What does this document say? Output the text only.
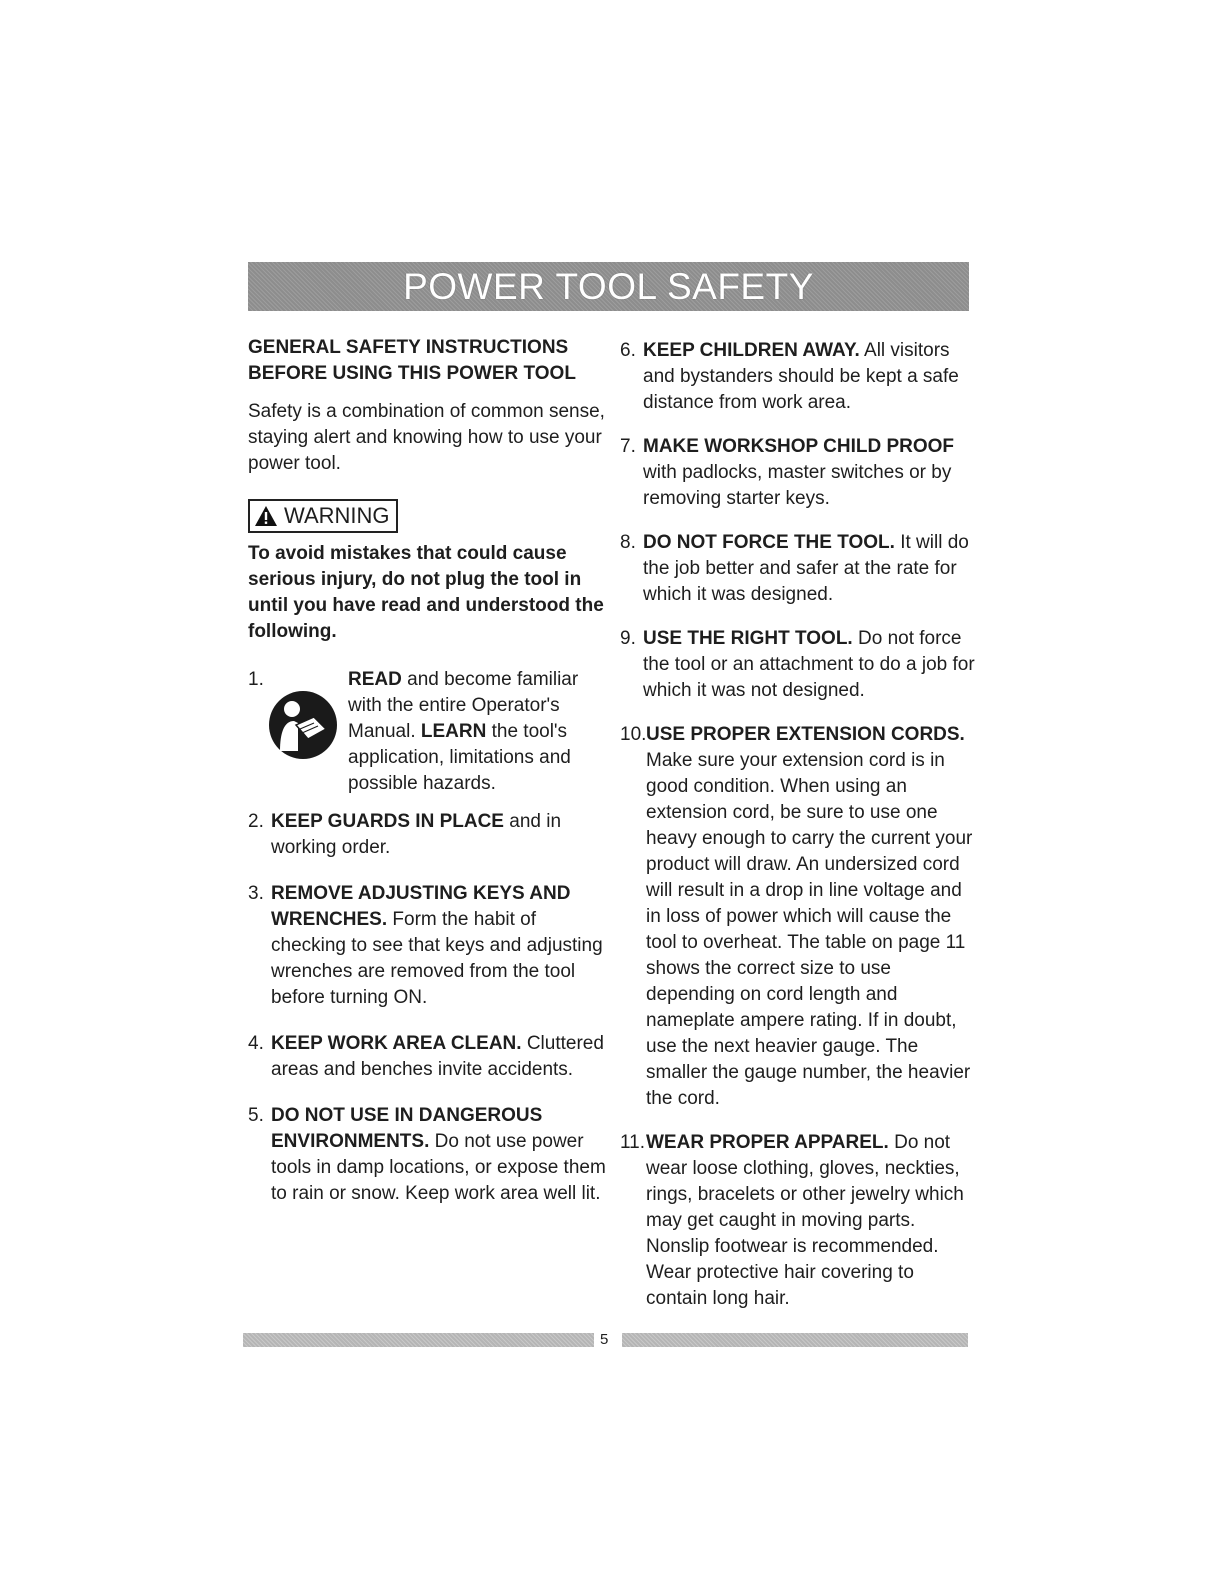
POWER TOOL SAFETY
GENERAL SAFETY INSTRUCTIONS
BEFORE USING THIS POWER TOOL
Safety is a combination of common sense, staying alert and knowing how to use your power tool.
WARNING
To avoid mistakes that could cause serious injury, do not plug the tool in until you have read and understood the following.
1.	READ and become familiar with the entire Operator's Manual. LEARN the tool's application, limitations and possible hazards.
2. KEEP GUARDS IN PLACE and in working order.
3. REMOVE ADJUSTING KEYS AND WRENCHES. Form the habit of checking to see that keys and adjusting wrenches are removed from the tool before turning ON.
4. KEEP WORK AREA CLEAN. Cluttered areas and benches invite accidents.
5. DO NOT USE IN DANGEROUS ENVIRONMENTS. Do not use power tools in damp locations, or expose them to rain or snow. Keep work area well lit.
6. KEEP CHILDREN AWAY. All visitors and bystanders should be kept a safe distance from work area.
7. MAKE WORKSHOP CHILD PROOF with padlocks, master switches or by removing starter keys.
8. DO NOT FORCE THE TOOL. It will do the job better and safer at the rate for which it was designed.
9. USE THE RIGHT TOOL. Do not force the tool or an attachment to do a job for which it was not designed.
10. USE PROPER EXTENSION CORDS. Make sure your extension cord is in good condition. When using an extension cord, be sure to use one heavy enough to carry the current your product will draw. An undersized cord will result in a drop in line voltage and in loss of power which will cause the tool to overheat. The table on page 11 shows the correct size to use depending on cord length and nameplate ampere rating. If in doubt, use the next heavier gauge. The smaller the gauge number, the heavier the cord.
11. WEAR PROPER APPAREL. Do not wear loose clothing, gloves, neckties, rings, bracelets or other jewelry which may get caught in moving parts. Nonslip footwear is recommended. Wear protective hair covering to contain long hair.
5
